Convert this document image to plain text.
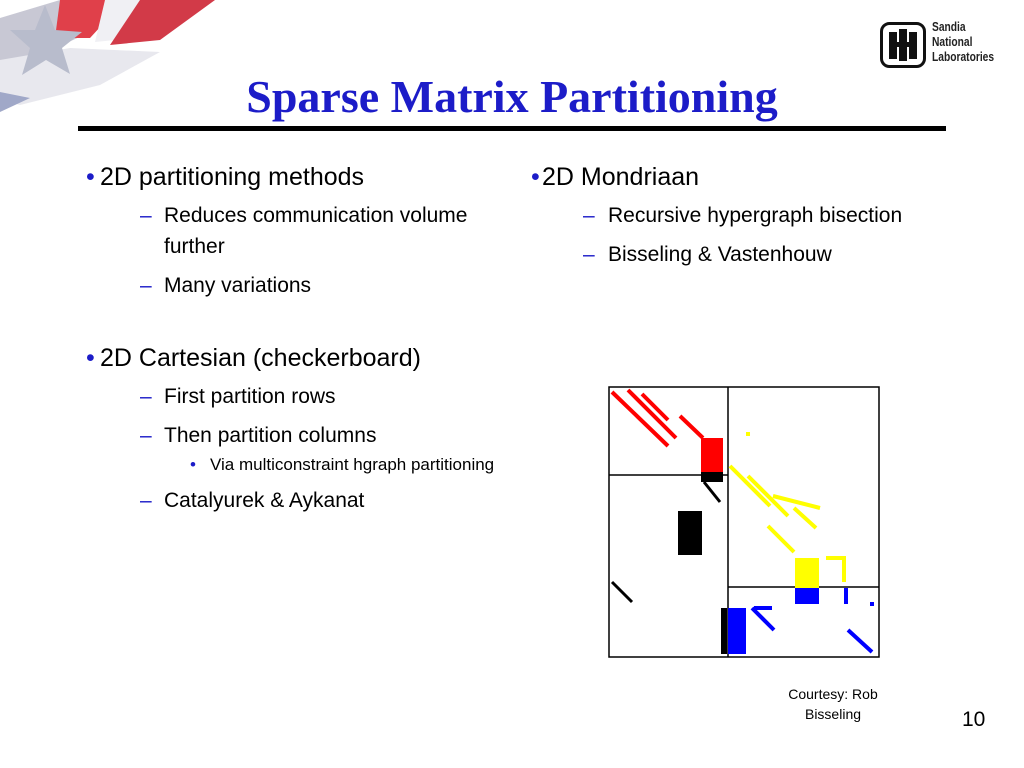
Sandia
National
Laboratories
Sparse Matrix Partitioning
• 2D partitioning methods
– Reduces communication volume further
– Many variations
• 2D Cartesian (checkerboard)
– First partition rows
– Then partition columns
• Via multiconstraint hgraph partitioning
– Catalyurek & Aykanat
• 2D Mondriaan
– Recursive hypergraph bisection
– Bisseling & Vastenhouw
Courtesy: Rob Bisseling	10
